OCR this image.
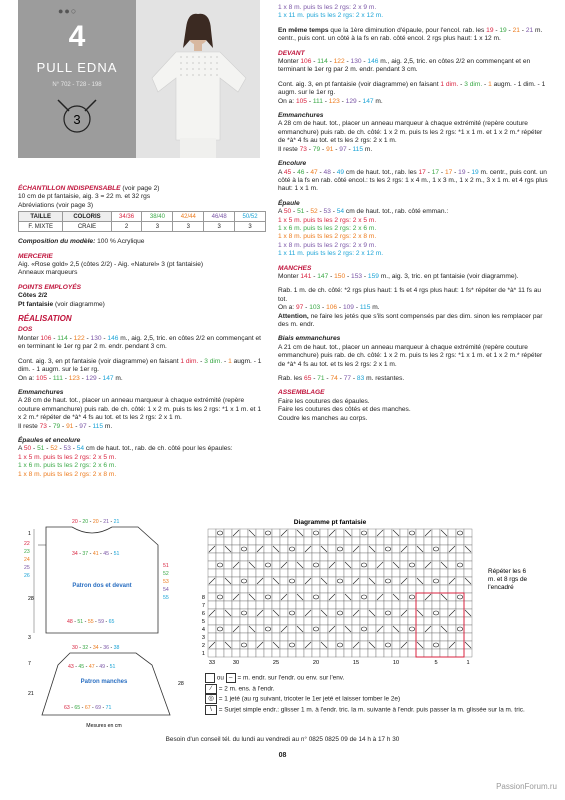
●●○
4
PULL EDNA
N° 702 - T28 - 198
3

ÉCHANTILLON INDISPENSABLE (voir page 2)

10 cm de pt fantaisie, aig. 3 = 22 m. et 32 rgs

Abréviations (voir page 3)

TAILLE	COLORIS	34/36	38/40	42/44	46/48	50/52
F. MIXTE	CRAIE	2	3	3	3	3

Composition du modèle: 100 % Acrylique

MERCERIE

Aig. «Rose gold» 2,5 (côtes 2/2) - Aig. «Naturel» 3 (pt fantaisie)

Anneaux marqueurs

POINTS EMPLOYÉS

Côtes 2/2

Pt fantaisie (voir diagramme)

RÉALISATION

DOS

Monter 106 - 114 - 122 - 130 - 146 m., aig. 2,5, tric. en côtes 2/2 en commençant et en terminant le 1er rg par 2 m. endr. pendant 3 cm.

Cont. aig. 3, en pt fantaisie (voir diagramme) en faisant 1 dim. - 3 dim. - 1 augm. - 1 dim. - 1 augm. sur le 1er rg.

On a: 105 - 111 - 123 - 129 - 147 m.

Emmanchures

A 28 cm de haut. tot., placer un anneau marqueur à chaque extrémité (repère couture emmanchure) puis rab. de ch. côté: 1 x 2 m. puis ts les 2 rgs: *1 x 1 m. et 1 x 2 m.* répéter de *à* 4 fs au tot. et ts les 2 rgs: 2 x 1 m.

Il reste 73 - 79 - 91 - 97 - 115 m.

Épaules et encolure

A 50 - 51 - 52 - 53 - 54 cm de haut. tot., rab. de ch. côté pour les épaules:

1 x 5 m. puis ts les 2 rgs: 2 x 5 m.

1 x 6 m. puis ts les 2 rgs: 2 x 6 m.

1 x 8 m. puis ts les 2 rgs: 2 x 8 m.

1 x 8 m. puis ts les 2 rgs: 2 x 9 m.

1 x 11 m. puis ts les 2 rgs: 2 x 12 m.

En même temps que la 1ère diminution d'épaule, pour l'encol. rab. les 19 - 19 - 21 - 21 m. centr., puis cont. un côté à la fs en rab. côté encol. 2 rgs plus haut: 1 x 12 m.

DEVANT

Monter 106 - 114 - 122 - 130 - 146 m., aig. 2,5, tric. en côtes 2/2 en commençant et en terminant le 1er rg par 2 m. endr. pendant 3 cm.

Cont. aig. 3, en pt fantaisie (voir diagramme) en faisant 1 dim. - 3 dim. - 1 augm. - 1 dim. - 1 augm. sur le 1er rg.

On a: 105 - 111 - 123 - 129 - 147 m.

Emmanchures

A 28 cm de haut. tot., placer un anneau marqueur à chaque extrémité (repère couture emmanchure) puis rab. de ch. côté: 1 x 2 m. puis ts les 2 rgs: *1 x 1 m. et 1 x 2 m.* répéter de *à* 4 fs au tot. et ts les 2 rgs: 2 x 1 m.

Il reste 73 - 79 - 91 - 97 - 115 m.

Encolure

A 45 - 46 - 47 - 48 - 49 cm de haut. tot., rab. les 17 - 17 - 17 - 19 - 19 m. centr., puis cont. un côté à la fs en rab. côté encol.: ts les 2 rgs: 1 x 4 m., 1 x 3 m., 1 x 2 m., 3 x 1 m. et 4 rgs plus haut: 1 x 1 m.

Épaule

A 50 - 51 - 52 - 53 - 54 cm de haut. tot., rab. côté emman.:

1 x 5 m. puis ts les 2 rgs: 2 x 5 m.

1 x 6 m. puis ts les 2 rgs: 2 x 6 m.

1 x 8 m. puis ts les 2 rgs: 2 x 8 m.

1 x 8 m. puis ts les 2 rgs: 2 x 9 m.

1 x 11 m. puis ts les 2 rgs: 2 x 12 m.

MANCHES

Monter 141 - 147 - 150 - 153 - 159 m., aig. 3, tric. en pt fantaisie (voir diagramme).

Rab. 1 m. de ch. côté: *2 rgs plus haut: 1 fs et 4 rgs plus haut: 1 fs* répéter de *à* 11 fs au tot.

On a: 97 - 103 - 106 - 109 - 115 m.

Attention, ne faire les jetés que s'ils sont compensés par des dim. sinon les remplacer par des m. endr.

Biais emmanchures

A 21 cm de haut. tot., placer un anneau marqueur à chaque extrémité (repère couture emmanchure) puis rab. de ch. côté: 1 x 2 m. puis ts les 2 rgs: *1 x 1 m. et 1 x 2 m.* répéter de *à* 4 fs au tot. et ts les 2 rgs: 2 x 1 m.

Rab. les 65 - 71 - 74 - 77 - 83 m. restantes.

ASSEMBLAGE

Faire les coutures des épaules.

Faire les coutures des côtés et des manches.

Coudre les manches au corps.

20 - 20 - 20 - 21 - 21
34 - 37 - 41 - 45 - 51
Patron dos et devant
48 - 51 - 55 - 59 - 65
1
22
23
24
25
26
28
3
51
52
53
54
55
30 - 32 - 34 - 36 - 38
43 - 45 - 47 - 49 - 51
Patron manches
63 - 65 - 67 - 69 - 71
7
21
28
Mesures en cm
Diagramme pt fantaisie
33	30	25	20	15	10	5	1
8
7
6
5
4
3
2
1
Répéter les 6 m. et 8 rgs de l'encadré
ou – = m. endr. sur l'endr. ou env. sur l'env.
⁄ = 2 m. ens. à l'endr.
◎ = 1 jeté (au rg suivant, tricoter le 1er jeté et laisser tomber le 2e)
\ = Surjet simple endr.: glisser 1 m. à l'endr. tric. la m. suivante à l'endr. puis passer la m. glissée sur la m. tric.
Besoin d'un conseil tél. du lundi au vendredi au n° 0825 0825 09 de 14 h à 17 h 30
08
PassionForum.ru
